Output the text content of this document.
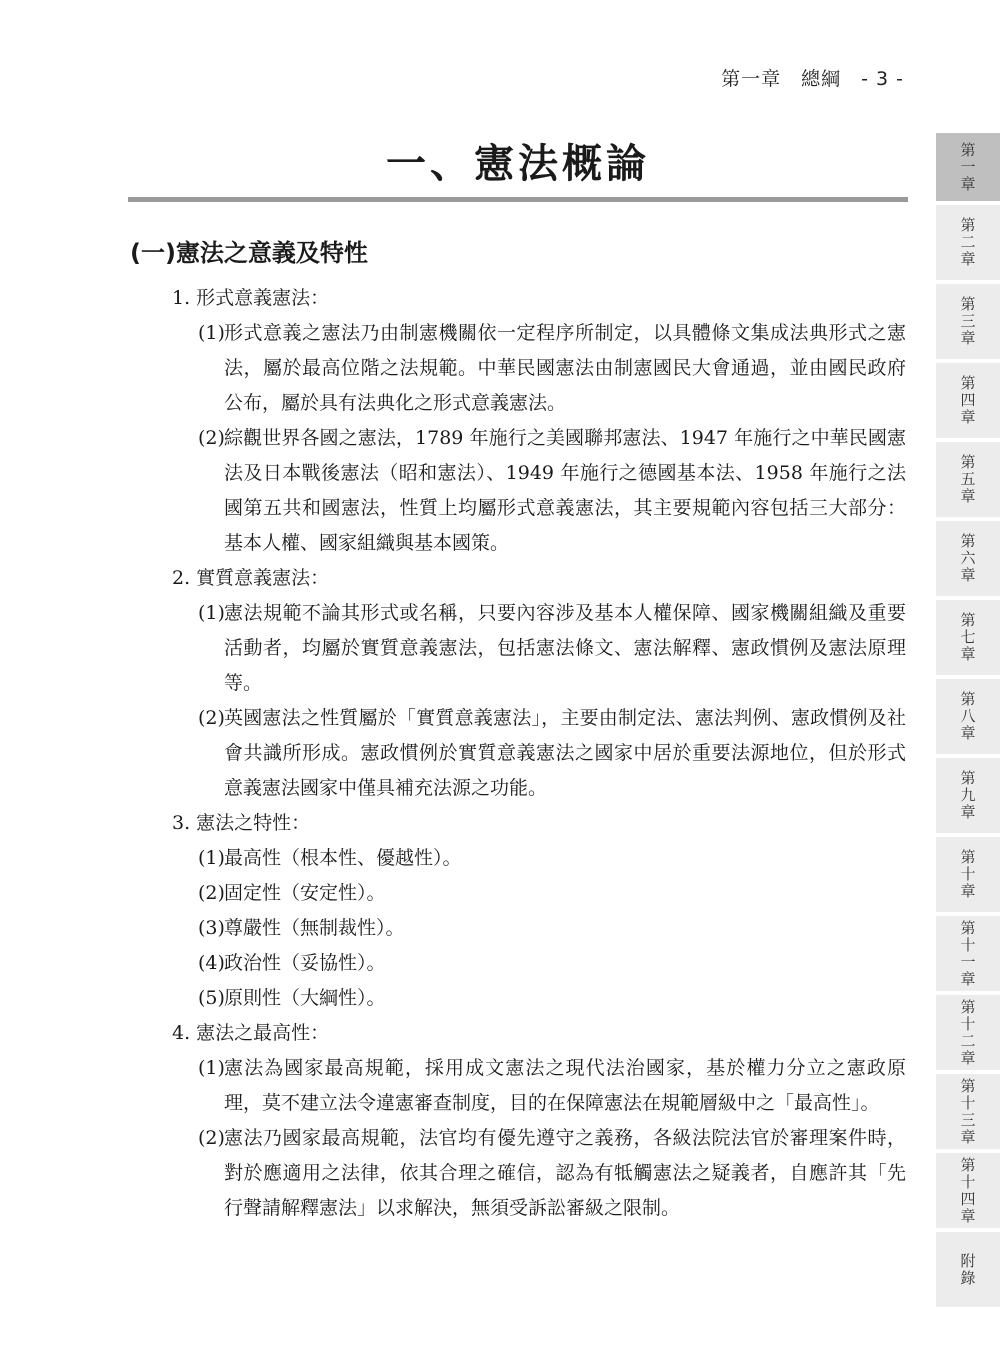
第一章　總綱　- 3 -
一、憲法概論
(一)憲法之意義及特性
1. 形式意義憲法：
(1) 形式意義之憲法乃由制憲機關依一定程序所制定，以具體條文集成法典形式之憲法，屬於最高位階之法規範。中華民國憲法由制憲國民大會通過，並由國民政府公布，屬於具有法典化之形式意義憲法。
(2) 綜觀世界各國之憲法，1789 年施行之美國聯邦憲法、1947 年施行之中華民國憲法及日本戰後憲法（昭和憲法）、1949 年施行之德國基本法、1958 年施行之法國第五共和國憲法，性質上均屬形式意義憲法，其主要規範內容包括三大部分：基本人權、國家組織與基本國策。
2. 實質意義憲法：
(1) 憲法規範不論其形式或名稱，只要內容涉及基本人權保障、國家機關組織及重要活動者，均屬於實質意義憲法，包括憲法條文、憲法解釋、憲政慣例及憲法原理等。
(2) 英國憲法之性質屬於「實質意義憲法」，主要由制定法、憲法判例、憲政慣例及社會共識所形成。憲政慣例於實質意義憲法之國家中居於重要法源地位，但於形式意義憲法國家中僅具補充法源之功能。
3. 憲法之特性：
(1) 最高性（根本性、優越性）。
(2) 固定性（安定性）。
(3) 尊嚴性（無制裁性）。
(4) 政治性（妥協性）。
(5) 原則性（大綱性）。
4. 憲法之最高性：
(1) 憲法為國家最高規範，採用成文憲法之現代法治國家，基於權力分立之憲政原理，莫不建立法令違憲審查制度，目的在保障憲法在規範層級中之「最高性」。
(2) 憲法乃國家最高規範，法官均有優先遵守之義務，各級法院法官於審理案件時，對於應適用之法律，依其合理之確信，認為有牴觸憲法之疑義者，自應許其「先行聲請解釋憲法」以求解決，無須受訴訟審級之限制。
第一章
第二章
第三章
第四章
第五章
第六章
第七章
第八章
第九章
第十章
第十一章
第十二章
第十三章
第十四章
附錄
